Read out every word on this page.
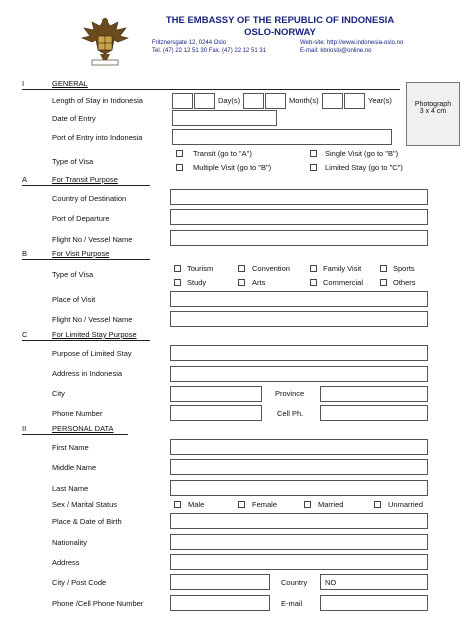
THE EMBASSY OF THE REPUBLIC OF INDONESIA
OSLO-NORWAY
Fritznersgate 12, 0244 Oslo
Tel. (47) 22 12 51 30 Fax. (47) 22 12 51 31
Web-site: http://www.indonesia-oslo.no
E-mail: kbrioslo@online.no
Photograph
3 x 4 cm
I	GENERAL
Length of Stay in Indonesia	Day(s)	Month(s)	Year(s)
Date of Entry
Port of Entry into Indonesia
Type of Visa
Transit (go to "A")	Single Visit (go to "B")
Multiple Visit (go to "B")	Limited Stay (go to "C")
A	For Transit Purpose
Country of Destination
Port of Departure
Flight No / Vessel Name
B	For Visit Purpose
Type of Visa
Tourism	Convention	Family Visit	Sports
Study	Arts	Commercial	Others
Place of Visit
Flight No / Vessel Name
C	For Limited Stay Purpose
Purpose of Limited Stay
Address in Indonesia
City	Province
Phone Number	Cell Ph.
II	PERSONAL DATA
First Name
Middle Name
Last Name
Sex / Marital Status	Male	Female	Married	Unmarried
Place & Date of Birth
Nationality
Address
City / Post Code	Country	NO
Phone /Cell Phone Number	E-mail
